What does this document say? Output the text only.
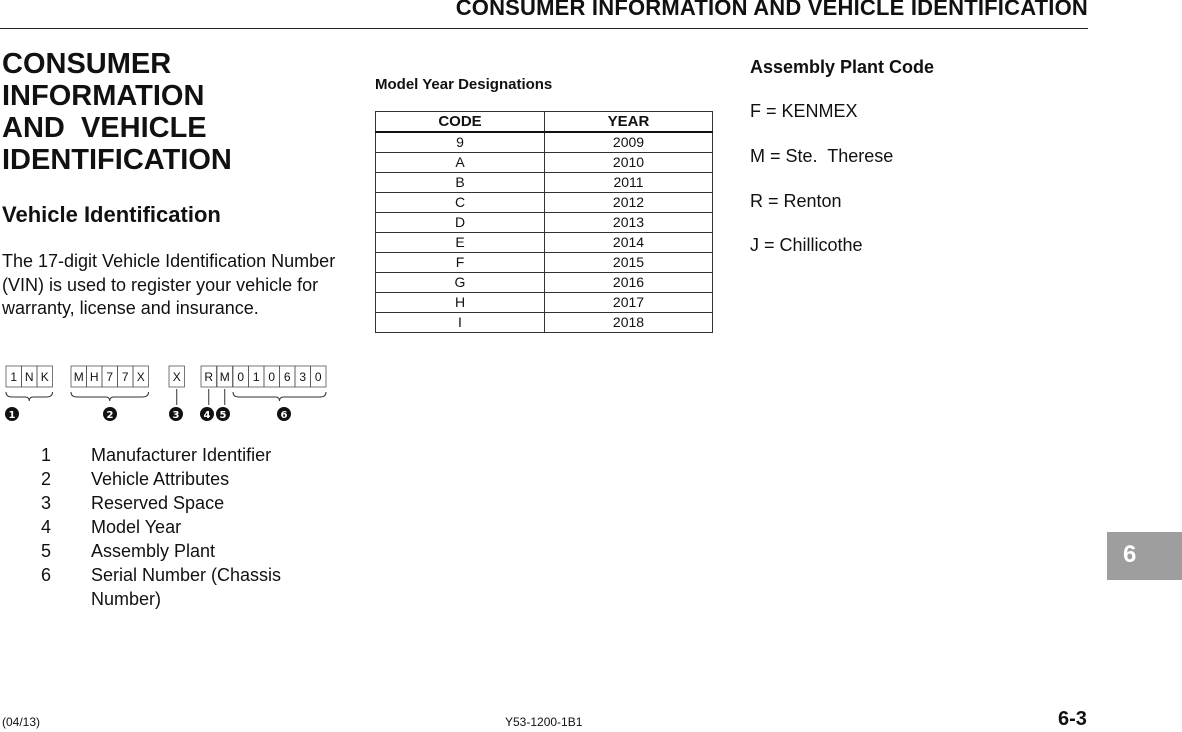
CONSUMER INFORMATION AND VEHICLE IDENTIFICATION
CONSUMER
INFORMATION
AND  VEHICLE
IDENTIFICATION
Vehicle Identification

The 17-digit Vehicle Identification Number (VIN) is used to register your vehicle for warranty, license and insurance.

1 N K M H 7 7 X X R M 0 1 0 6 3 0
1	2	3 4 5	6
1	Manufacturer Identifier
2	Vehicle Attributes
3	Reserved Space
4	Model Year
5	Assembly Plant
6	Serial Number (Chassis Number)
Model Year Designations
CODE	YEAR
9	2009
A	2010
B	2011
C	2012
D	2013
E	2014
F	2015
G	2016
H	2017
I	2018
Assembly Plant Code
F = KENMEX
M = Ste.  Therese
R = Renton
J = Chillicothe
6
(04/13)	Y53-1200-1B1	6-3
